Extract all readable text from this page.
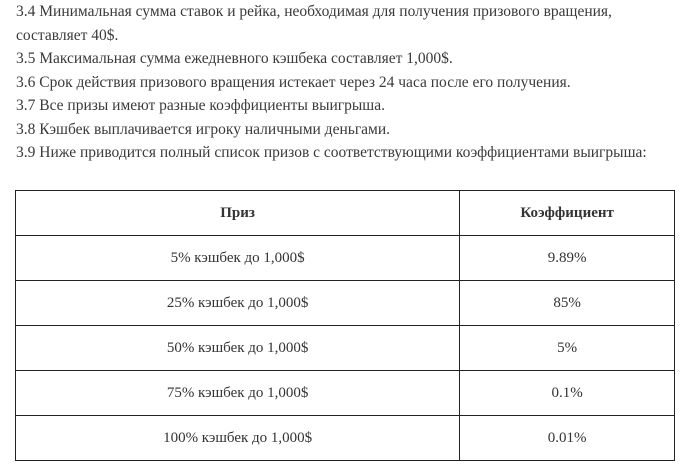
3.4 Минимальная сумма ставок и рейка, необходимая для получения призового вращения,

составляет 40$.

3.5 Максимальная сумма ежедневного кэшбека составляет 1,000$.

3.6 Срок действия призового вращения истекает через 24 часа после его получения.

3.7 Все призы имеют разные коэффициенты выигрыша.

3.8 Кэшбек выплачивается игроку наличными деньгами.

3.9 Ниже приводится полный список призов с соответствующими коэффициентами выигрыша:

Приз	Коэффициент
5% кэшбек до 1,000$	9.89%
25% кэшбек до 1,000$	85%
50% кэшбек до 1,000$	5%
75% кэшбек до 1,000$	0.1%
100% кэшбек до 1,000$	0.01%
